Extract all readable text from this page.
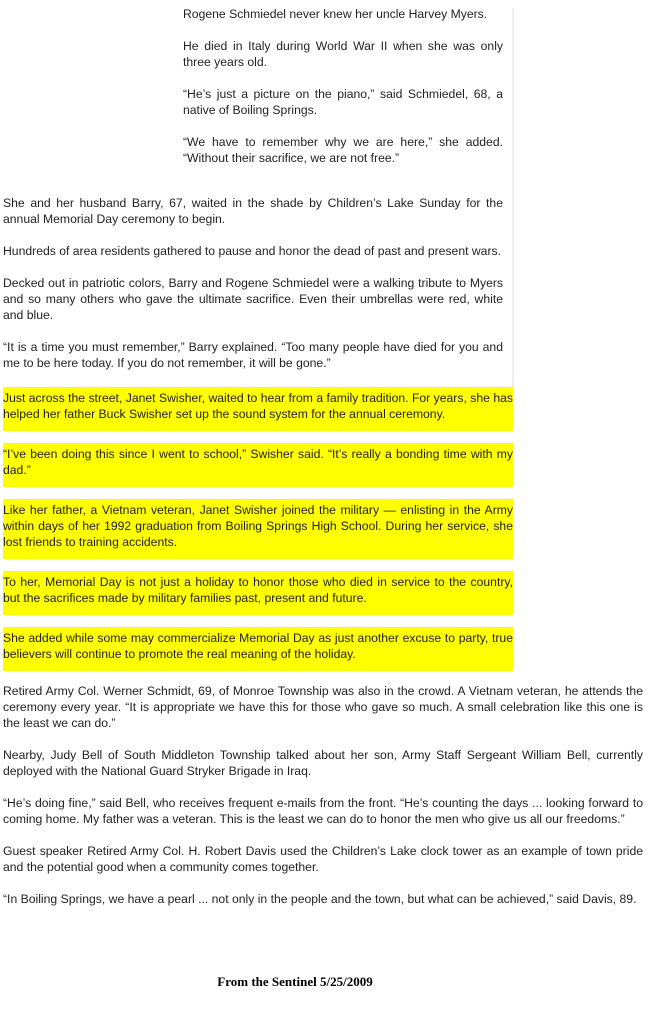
Rogene Schmiedel never knew her uncle Harvey Myers.

He died in Italy during World War II when she was only three years old.

“He’s just a picture on the piano,” said Schmiedel, 68, a native of Boiling Springs.

“We have to remember why we are here,” she added. “Without their sacrifice, we are not free.”

She and her husband Barry, 67, waited in the shade by Children’s Lake Sunday for the annual Memorial Day ceremony to begin.

Hundreds of area residents gathered to pause and honor the dead of past and present wars.

Decked out in patriotic colors, Barry and Rogene Schmiedel were a walking tribute to Myers and so many others who gave the ultimate sacrifice. Even their umbrellas were red, white and blue.

“It is a time you must remember,” Barry explained. “Too many people have died for you and me to be here today. If you do not remember, it will be gone.”

Just across the street, Janet Swisher, waited to hear from a family tradition. For years, she has helped her father Buck Swisher set up the sound system for the annual ceremony.

“I’ve been doing this since I went to school,” Swisher said. “It’s really a bonding time with my dad.”

Like her father, a Vietnam veteran, Janet Swisher joined the military — enlisting in the Army within days of her 1992 graduation from Boiling Springs High School. During her service, she lost friends to training accidents.

To her, Memorial Day is not just a holiday to honor those who died in service to the country, but the sacrifices made by military families past, present and future.

She added while some may commercialize Memorial Day as just another excuse to party, true believers will continue to promote the real meaning of the holiday.

Retired Army Col. Werner Schmidt, 69, of Monroe Township was also in the crowd. A Vietnam veteran, he attends the ceremony every year. “It is appropriate we have this for those who gave so much. A small celebration like this one is the least we can do.”

Nearby, Judy Bell of South Middleton Township talked about her son, Army Staff Sergeant William Bell, currently deployed with the National Guard Stryker Brigade in Iraq.

“He’s doing fine,” said Bell, who receives frequent e-mails from the front. “He’s counting the days ... looking forward to coming home. My father was a veteran. This is the least we can do to honor the men who give us all our freedoms.”

Guest speaker Retired Army Col. H. Robert Davis used the Children’s Lake clock tower as an example of town pride and the potential good when a community comes together.

“In Boiling Springs, we have a pearl ... not only in the people and the town, but what can be achieved,” said Davis, 89.

From the Sentinel 5/25/2009
